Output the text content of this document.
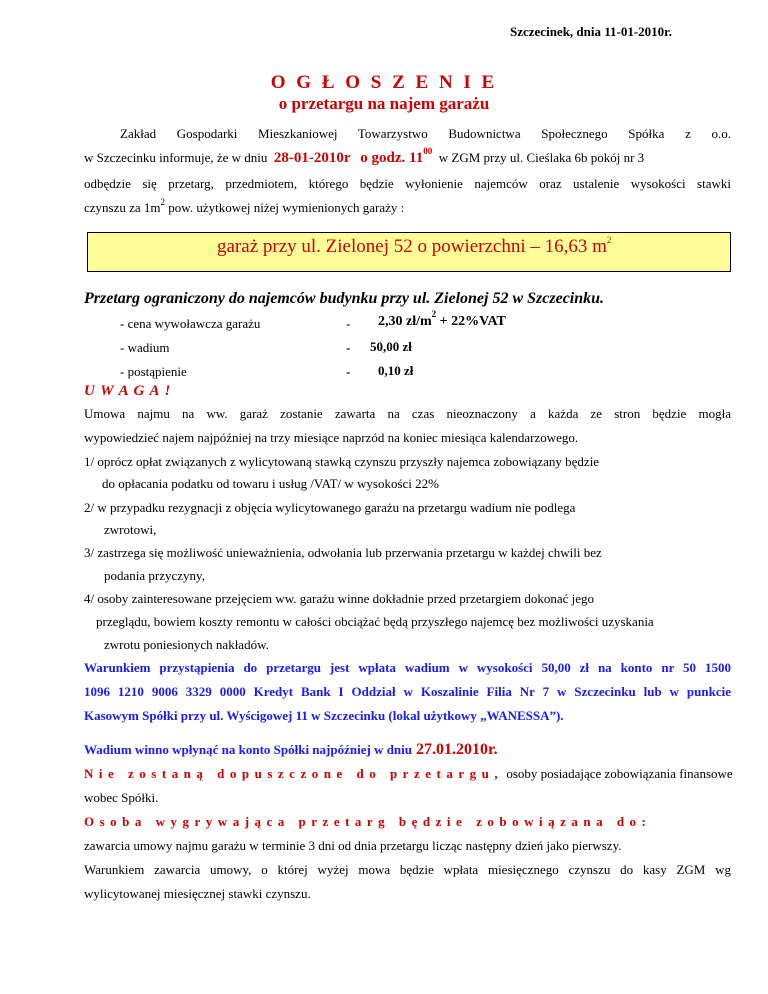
Szczecinek, dnia 11-01-2010r.
O G Ł O S Z E N I E
o przetargu na najem garażu
Zakład Gospodarki Mieszkaniowej Towarzystwo Budownictwa Społecznego Spółka z o.o.
w Szczecinku informuje, że w dniu 28-01-2010r o godz. $11^{00}$ w ZGM przy ul. Cieślaka 6b pokój nr 3
odbędzie się przetarg, przedmiotem, którego będzie wyłonienie najemców oraz ustalenie wysokości stawki
czynszu za $1m^2$ pow. użytkowej niżej wymienionych garaży :
garaż przy ul. Zielonej 52 o powierzchni – 16,63 $m^2$
Przetarg ograniczony do najemców budynku przy ul. Zielonej 52 w Szczecinku.
- cena wywoławcza garażu	- 2,30 $zł/m^2 + 22\%VAT$
- wadium	- 50,00 zł
- postąpienie	- 0,10 zł
U W A G A !
Umowa najmu na ww. garaż zostanie zawarta na czas nieoznaczony a każda ze stron będzie mogła
wypowiedzieć najem najpóźniej na trzy miesiące naprzód na koniec miesiąca kalendarzowego.
1/ oprócz opłat związanych z wylicytowaną stawką czynszu przyszły najemca zobowiązany będzie
do opłacania podatku od towaru i usług /VAT/ w wysokości 22%
2/ w przypadku rezygnacji z objęcia wylicytowanego garażu na przetargu wadium nie podlega
zwrotowi,
3/ zastrzega się możliwość unieważnienia, odwołania lub przerwania przetargu w każdej chwili bez
podania przyczyny,
4/ osoby zainteresowane przejęciem ww. garażu winne dokładnie przed przetargiem dokonać jego
przeglądu, bowiem koszty remontu w całości obciążać będą przyszłego najemcę bez możliwości uzyskania
zwrotu poniesionych nakładów.
Warunkiem przystąpienia do przetargu jest wpłata wadium w wysokości 50,00 zł na konto nr 50 1500
1096 1210 9006 3329 0000 Kredyt Bank I Oddział w Koszalinie Filia Nr 7 w Szczecinku lub w punkcie
Kasowym Spółki przy ul. Wyścigowej 11 w Szczecinku (lokal użytkowy „WANESSA”).
Wadium winno wpłynąć na konto Spółki najpóźniej w dniu 27.01.2010r.
Nie zostaną dopuszczone do przetargu, osoby posiadające zobowiązania finansowe
wobec Spółki.
Osoba wygrywająca przetarg będzie zobowiązana do:
zawarcia umowy najmu garażu w terminie 3 dni od dnia przetargu licząc następny dzień jako pierwszy.
Warunkiem zawarcia umowy, o której wyżej mowa będzie wpłata miesięcznego czynszu do kasy ZGM wg
wylicytowanej miesięcznej stawki czynszu.
